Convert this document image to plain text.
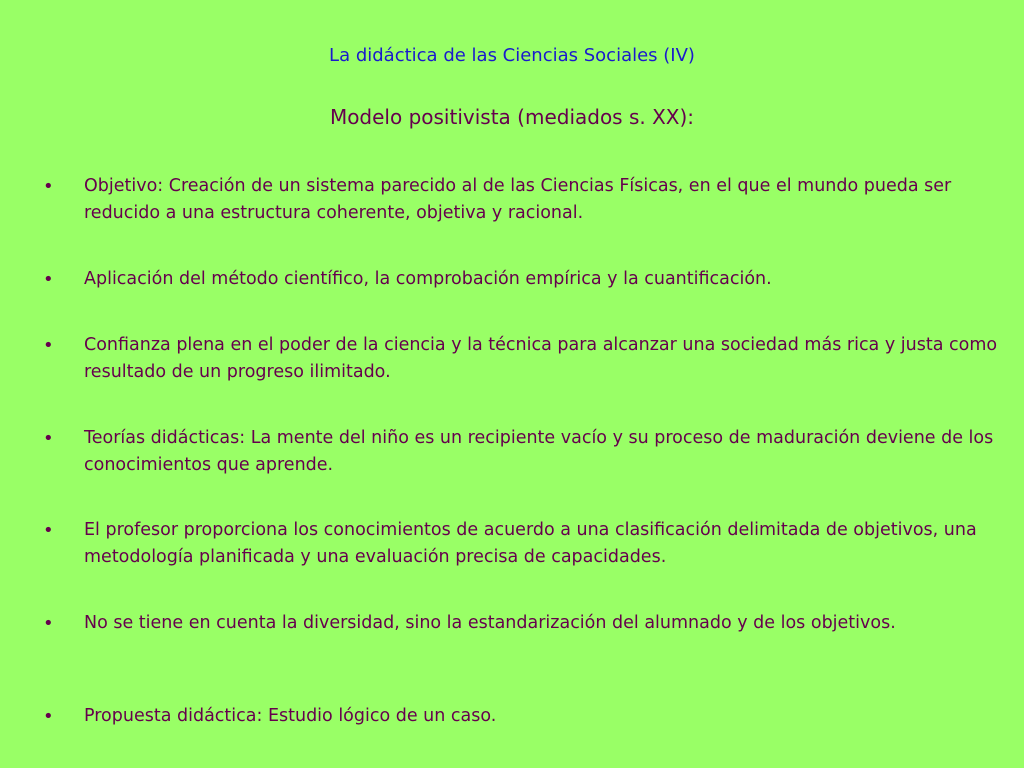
La didáctica de las Ciencias Sociales (IV)
Modelo positivista (mediados s. XX):
• Objetivo: Creación de un sistema parecido al de las Ciencias Físicas, en el que el mundo pueda ser reducido a una estructura coherente, objetiva y racional.
• Aplicación del método científico, la comprobación empírica y la cuantificación.
• Confianza plena en el poder de la ciencia y la técnica para alcanzar una sociedad más rica y justa como resultado de un progreso ilimitado.
• Teorías didácticas: La mente del niño es un recipiente vacío y su proceso de maduración deviene de los conocimientos que aprende.
• El profesor proporciona los conocimientos de acuerdo a una clasificación delimitada de objetivos, una metodología planificada y una evaluación precisa de capacidades.
• No se tiene en cuenta la diversidad, sino la estandarización del alumnado y de los objetivos.
• Propuesta didáctica: Estudio lógico de un caso.
